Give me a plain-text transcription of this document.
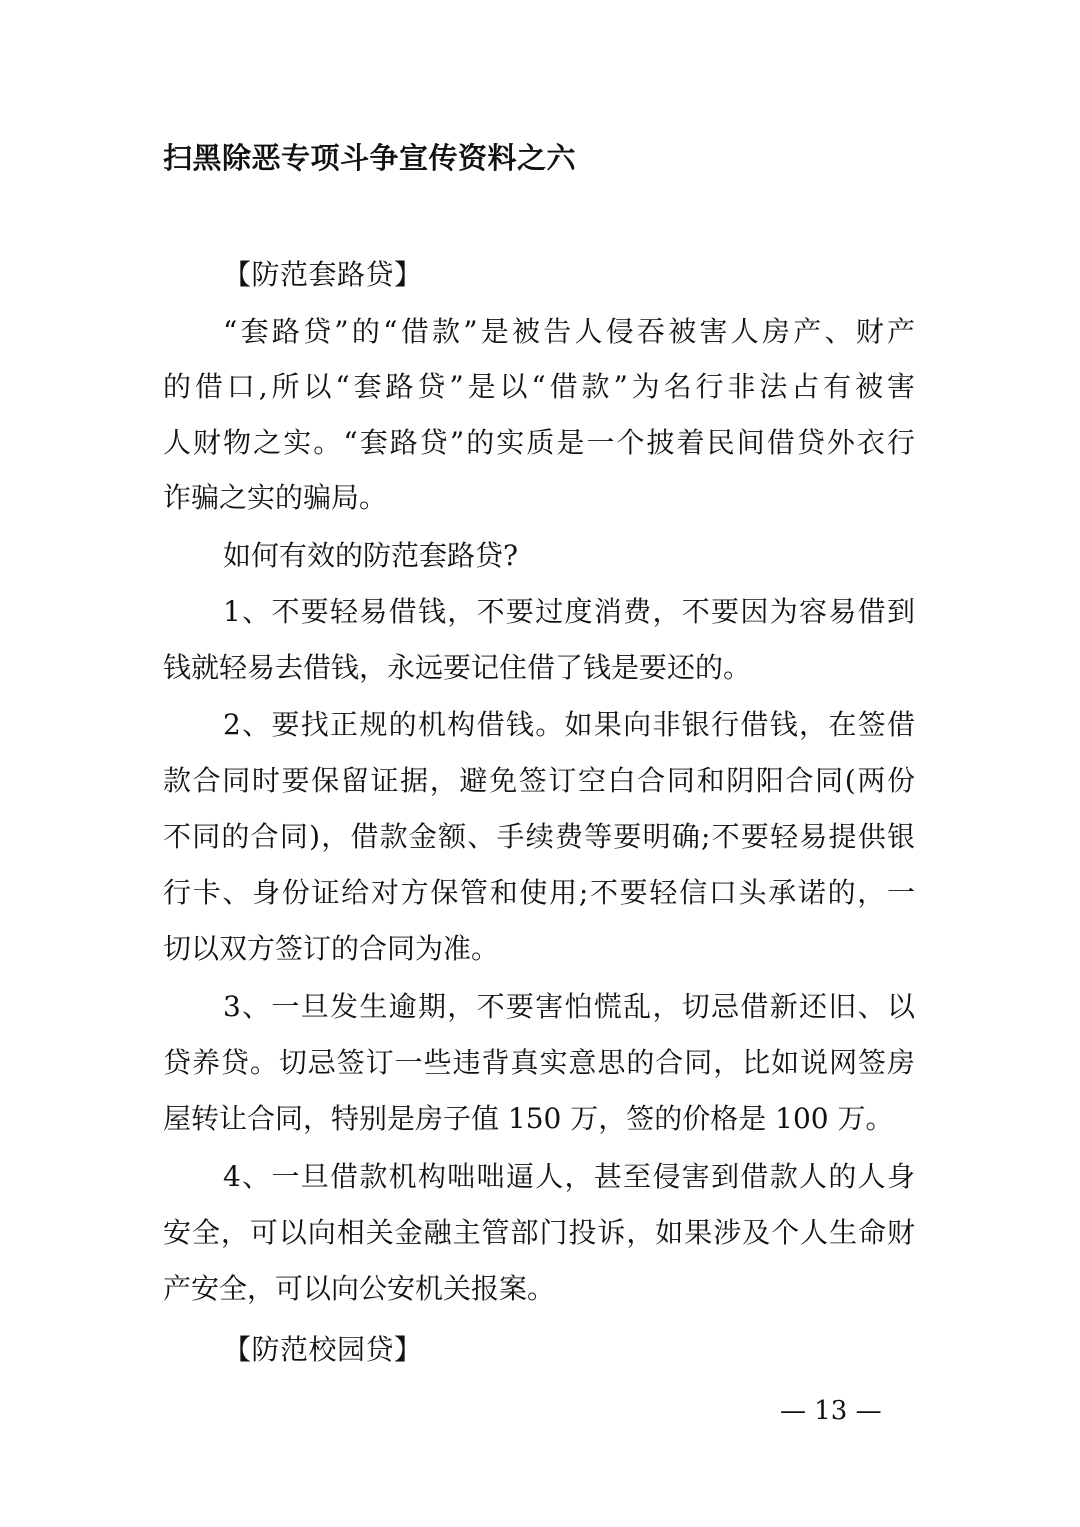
扫黑除恶专项斗争宣传资料之六
【防范套路贷】
“套路贷”的“借款”是被告人侵吞被害人房产、财产
的借口,所以“套路贷”是以“借款”为名行非法占有被害
人财物之实。“套路贷”的实质是一个披着民间借贷外衣行
诈骗之实的骗局。
如何有效的防范套路贷?
1、不要轻易借钱，不要过度消费，不要因为容易借到
钱就轻易去借钱，永远要记住借了钱是要还的。
2、要找正规的机构借钱。如果向非银行借钱，在签借
款合同时要保留证据，避免签订空白合同和阴阳合同(两份
不同的合同)，借款金额、手续费等要明确;不要轻易提供银
行卡、身份证给对方保管和使用;不要轻信口头承诺的，一
切以双方签订的合同为准。
3、一旦发生逾期，不要害怕慌乱，切忌借新还旧、以
贷养贷。切忌签订一些违背真实意思的合同，比如说网签房
屋转让合同，特别是房子值 150 万，签的价格是 100 万。
4、一旦借款机构咄咄逼人，甚至侵害到借款人的人身
安全，可以向相关金融主管部门投诉，如果涉及个人生命财
产安全，可以向公安机关报案。
【防范校园贷】
— 13 —
